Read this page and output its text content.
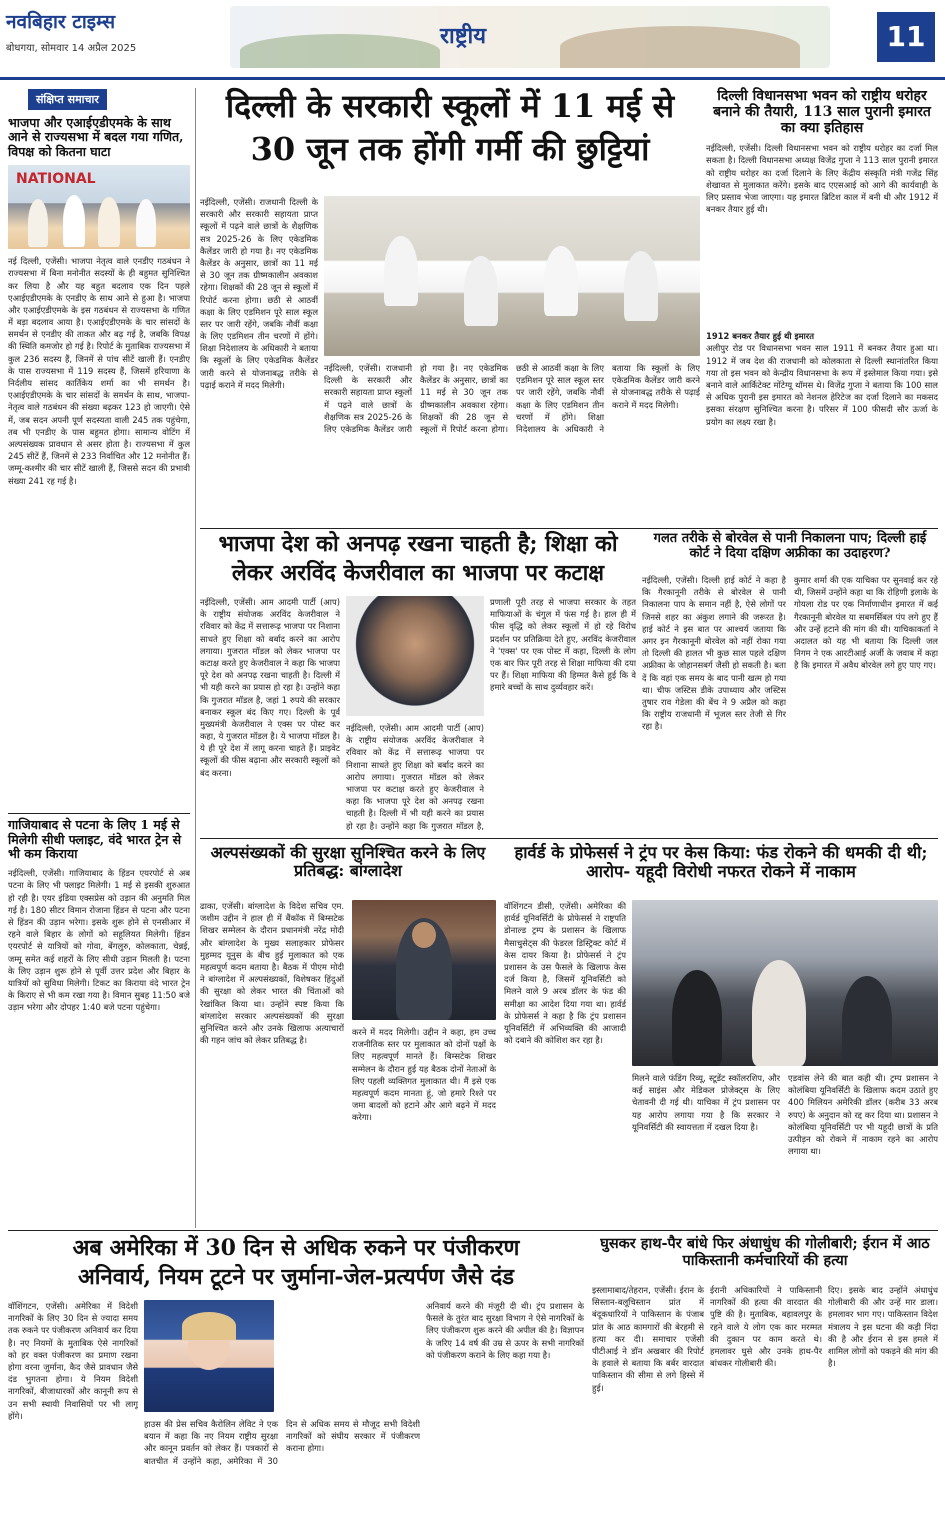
नवबिहार टाइम्स
बोधगया, सोमवार 14 अप्रैल 2025	राष्ट्रीय	11
संक्षिप्त समाचार
भाजपा और एआईएडीएमके के साथ आने से राज्यसभा में बदल गया गणित, विपक्ष को कितना घाटा
NATIONAL
नई दिल्ली, एजेंसी। भाजपा नेतृत्व वाले एनडीए गठबंधन ने राज्यसभा में बिना मनोनीत सदस्यों के ही बहुमत सुनिश्चित कर लिया है और यह बहुत बदलाव एक दिन पहले एआईएडीएमके के एनडीए के साथ आने से हुआ है। भाजपा और एआईएडीएमके के इस गठबंधन से राज्यसभा के गणित में बड़ा बदलाव आया है। एआईएडीएमके के चार सांसदों के समर्थन से एनडीए की ताकत और बढ़ गई है, जबकि विपक्ष की स्थिति कमजोर हो गई है। रिपोर्ट के मुताबिक राज्यसभा में कुल 236 सदस्य हैं, जिनमें से पांच सीटें खाली हैं। एनडीए के पास राज्यसभा में 119 सदस्य हैं, जिसमें हरियाणा के निर्दलीय सांसद कार्तिकेय शर्मा का भी समर्थन है। एआईएडीएमके के चार सांसदों के समर्थन के साथ, भाजपा-नेतृत्व वाले गठबंधन की संख्या बढ़कर 123 हो जाएगी। ऐसे में, जब सदन अपनी पूर्ण सदस्यता वाली 245 तक पहुंचेगा, तब भी एनडीए के पास बहुमत होगा। सामान्य वोटिंग में अल्पसंख्यक प्रावधान से असर होता है। राज्यसभा में कुल 245 सीटें हैं, जिनमें से 233 निर्वाचित और 12 मनोनीत हैं। जम्मू-कश्मीर की चार सीटें खाली हैं, जिससे सदन की प्रभावी संख्या 241 रह गई है।
गाजियाबाद से पटना के लिए 1 मई से मिलेगी सीधी फ्लाइट, वंदे भारत ट्रेन से भी कम किराया
नईदिल्ली, एजेंसी। गाजियाबाद के हिंडन एयरपोर्ट से अब पटना के लिए भी फ्लाइट मिलेगी। 1 मई से इसकी शुरुआत हो रही है। एयर इंडिया एक्सप्रेस को उड़ान की अनुमति मिल गई है। 180 सीटर विमान रोजाना हिंडन से पटना और पटना से हिंडन की उड़ान भरेगा। इसके शुरू होने से एनसीआर में रहने वाले बिहार के लोगों को सहूलियत मिलेगी। हिंडन एयरपोर्ट से यात्रियों को गोवा, बेंगलुरु, कोलकाता, चेन्नई, जम्मू समेत कई शहरों के लिए सीधी उड़ान मिलती है। पटना के लिए उड़ान शुरू होने से पूर्वी उत्तर प्रदेश और बिहार के यात्रियों को सुविधा मिलेगी। टिकट का किराया वंदे भारत ट्रेन के किराए से भी कम रखा गया है। विमान सुबह 11:50 बजे उड़ान भरेगा और दोपहर 1:40 बजे पटना पहुंचेगा।
दिल्ली के सरकारी स्कूलों में 11 मई से
30 जून तक होंगी गर्मी की छुट्टियां
नईदिल्ली, एजेंसी। राजधानी दिल्ली के सरकारी और सरकारी सहायता प्राप्त स्कूलों में पढ़ने वाले छात्रों के शैक्षणिक सत्र 2025-26 के लिए एकेडमिक कैलेंडर जारी हो गया है। नए एकेडमिक कैलेंडर के अनुसार, छात्रों का 11 मई से 30 जून तक ग्रीष्मकालीन अवकाश रहेगा। शिक्षकों की 28 जून से स्कूलों में रिपोर्ट करना होगा। छठी से आठवीं कक्षा के लिए एडमिशन पूरे साल स्कूल स्तर पर जारी रहेंगे, जबकि नौवीं कक्षा के लिए एडमिशन तीन चरणों में होंगे। शिक्षा निदेशालय के अधिकारी ने बताया कि स्कूलों के लिए एकेडमिक कैलेंडर जारी करने से योजनाबद्ध तरीके से पढ़ाई कराने में मदद मिलेगी।
नईदिल्ली, एजेंसी। राजधानी दिल्ली के सरकारी और सरकारी सहायता प्राप्त स्कूलों में पढ़ने वाले छात्रों के शैक्षणिक सत्र 2025-26 के लिए एकेडमिक कैलेंडर जारी हो गया है। नए एकेडमिक कैलेंडर के अनुसार, छात्रों का 11 मई से 30 जून तक ग्रीष्मकालीन अवकाश रहेगा। शिक्षकों की 28 जून से स्कूलों में रिपोर्ट करना होगा। छठी से आठवीं कक्षा के लिए एडमिशन पूरे साल स्कूल स्तर पर जारी रहेंगे, जबकि नौवीं कक्षा के लिए एडमिशन तीन चरणों में होंगे। शिक्षा निदेशालय के अधिकारी ने बताया कि स्कूलों के लिए एकेडमिक कैलेंडर जारी करने से योजनाबद्ध तरीके से पढ़ाई कराने में मदद मिलेगी।
दिल्ली विधानसभा भवन को राष्ट्रीय धरोहर बनाने की तैयारी, 113 साल पुरानी इमारत का क्या इतिहास
नईदिल्ली, एजेंसी। दिल्ली विधानसभा भवन को राष्ट्रीय धरोहर का दर्जा मिल सकता है। दिल्ली विधानसभा अध्यक्ष विजेंद्र गुप्ता ने 113 साल पुरानी इमारत को राष्ट्रीय धरोहर का दर्जा दिलाने के लिए केंद्रीय संस्कृति मंत्री गजेंद्र सिंह शेखावत से मुलाकात करेंगे। इसके बाद एएसआई को आगे की कार्यवाही के लिए प्रस्ताव भेजा जाएगा। यह इमारत ब्रिटिश काल में बनी थी और 1912 में बनकर तैयार हुई थी।
1912 बनकर तैयार हुई थी इमारत
अलीपुर रोड पर विधानसभा भवन साल 1911 में बनकर तैयार हुआ था। 1912 में जब देश की राजधानी को कोलकाता से दिल्ली स्थानांतरित किया गया तो इस भवन को केन्द्रीय विधानसभा के रूप में इस्तेमाल किया गया। इसे बनाने वाले आर्किटेक्ट मोंटेग्यू थॉमस थे। विजेंद्र गुप्ता ने बताया कि 100 साल से अधिक पुरानी इस इमारत को नेशनल हेरिटेज का दर्जा दिलाने का मकसद इसका संरक्षण सुनिश्चित करना है। परिसर में 100 फीसदी सौर ऊर्जा के प्रयोग का लक्ष्य रखा है।
भाजपा देश को अनपढ़ रखना चाहती है; शिक्षा को
लेकर अरविंद केजरीवाल का भाजपा पर कटाक्ष
नईदिल्ली, एजेंसी। आम आदमी पार्टी (आप) के राष्ट्रीय संयोजक अरविंद केजरीवाल ने रविवार को केंद्र में सत्तारूढ़ भाजपा पर निशाना साधते हुए शिक्षा को बर्बाद करने का आरोप लगाया। गुजरात मॉडल को लेकर भाजपा पर कटाक्ष करते हुए केजरीवाल ने कहा कि भाजपा पूरे देश को अनपढ़ रखना चाहती है। दिल्ली में भी यही करने का प्रयास हो रहा है। उन्होंने कहा कि गुजरात मॉडल है, जहां 1 रुपये की सरकार बनाकर स्कूल बंद किए गए। दिल्ली के पूर्व मुख्यमंत्री केजरीवाल ने एक्स पर पोस्ट कर कहा, ये गुजरात मॉडल है। ये भाजपा मॉडल है। ये ही पूरे देश में लागू करना चाहते हैं। प्राइवेट स्कूलों की फीस बढ़ाना और सरकारी स्कूलों को बंद करना।
नईदिल्ली, एजेंसी। आम आदमी पार्टी (आप) के राष्ट्रीय संयोजक अरविंद केजरीवाल ने रविवार को केंद्र में सत्तारूढ़ भाजपा पर निशाना साधते हुए शिक्षा को बर्बाद करने का आरोप लगाया। गुजरात मॉडल को लेकर भाजपा पर कटाक्ष करते हुए केजरीवाल ने कहा कि भाजपा पूरे देश को अनपढ़ रखना चाहती है। दिल्ली में भी यही करने का प्रयास हो रहा है। उन्होंने कहा कि गुजरात मॉडल है,
प्रणाली पूरी तरह से भाजपा सरकार के तहत माफियाओं के चंगुल में फंस गई है। हाल ही में फीस वृद्धि को लेकर स्कूलों में हो रहे विरोध प्रदर्शन पर प्रतिक्रिया देते हुए, अरविंद केजरीवाल ने 'एक्स' पर एक पोस्ट में कहा, दिल्ली के लोग एक बार फिर पूरी तरह से शिक्षा माफिया की दया पर हैं। शिक्षा माफिया की हिम्मत कैसे हुई कि वे हमारे बच्चों के साथ दुर्व्यवहार करें।
गलत तरीके से बोरवेल से पानी निकालना पाप; दिल्ली हाई कोर्ट ने दिया दक्षिण अफ्रीका का उदाहरण?
नईदिल्ली, एजेंसी। दिल्ली हाई कोर्ट ने कहा है कि गैरकानूनी तरीके से बोरवेल से पानी निकालना पाप के समान नहीं है, ऐसे लोगों पर जिनसे शहर का अंकुश लगाने की जरूरत है। हाई कोर्ट ने इस बात पर आश्चर्य जताया कि अगर इन गैरकानूनी बोरवेल को नहीं रोका गया तो दिल्ली की हालत भी कुछ साल पहले दक्षिण अफ्रीका के जोहानसबर्ग जैसी हो सकती है। बता दें कि वहां एक समय के बाद पानी खत्म हो गया था। चीफ जस्टिस डीके उपाध्याय और जस्टिस तुषार राव गेडेला की बेंच ने 9 अप्रैल को कहा कि राष्ट्रीय राजधानी में भूजल स्तर तेजी से गिर रहा है।
कुमार शर्मा की एक याचिका पर सुनवाई कर रहे थी, जिसमें उन्होंने कहा था कि रोहिणी इलाके के गोयला रोड पर एक निर्माणाधीन इमारत में कई गैरकानूनी बोरवेल या सबमर्सिबल पंप लगे हुए हैं और उन्हें हटाने की मांग की थी। याचिकाकर्ता ने अदालत को यह भी बताया कि दिल्ली जल निगम ने एक आरटीआई अर्जी के जवाब में कहा है कि इमारत में अवैध बोरवेल लगे हुए पाए गए।
अल्पसंख्यकों की सुरक्षा सुनिश्चित करने के लिए प्रतिबद्ध: बांग्लादेश
ढाका, एजेंसी। बांग्लादेश के विदेश सचिव एम. जशीम उद्दीन ने हाल ही में बैंकॉक में बिम्सटेक शिखर सम्मेलन के दौरान प्रधानमंत्री नरेंद्र मोदी और बांग्लादेश के मुख्य सलाहकार प्रोफेसर मुहम्मद यूनुस के बीच हुई मुलाकात को एक महत्वपूर्ण कदम बताया है। बैठक में पीएम मोदी ने बांग्लादेश में अल्पसंख्यकों, विशेषकर हिंदुओं की सुरक्षा को लेकर भारत की चिंताओं को रेखांकित किया था। उन्होंने स्पष्ट किया कि बांग्लादेश सरकार अल्पसंख्यकों की सुरक्षा सुनिश्चित करने और उनके खिलाफ अत्याचारों की गहन जांच को लेकर प्रतिबद्ध है।
करने में मदद मिलेगी। उद्दीन ने कहा, हम उच्च राजनीतिक स्तर पर मुलाकात को दोनों पक्षों के लिए महत्वपूर्ण मानते हैं। बिम्सटेक शिखर सम्मेलन के दौरान हुई यह बैठक दोनों नेताओं के लिए पहली व्यक्तिगत मुलाकात थी। मैं इसे एक महत्वपूर्ण कदम मानता हूं, जो हमारे रिश्ते पर जमा बादलों को हटाने और आगे बढ़ने में मदद करेगा।
हार्वर्ड के प्रोफेसर्स ने ट्रंप पर केस किया: फंड रोकने की धमकी दी थी; आरोप- यहूदी विरोधी नफरत रोकने में नाकाम
वॉशिंगटन डीसी, एजेंसी। अमेरिका की हार्वर्ड यूनिवर्सिटी के प्रोफेसर्स ने राष्ट्रपति डोनाल्ड ट्रम्प के प्रशासन के खिलाफ मैसाचुसेट्स की फेडरल डिस्ट्रिक्ट कोर्ट में केस दायर किया है। प्रोफेसर्स ने ट्रंप प्रशासन के उस फैसले के खिलाफ केस दर्ज किया है, जिसमें यूनिवर्सिटी को मिलने वाले 9 अरब डॉलर के फंड की समीक्षा का आदेश दिया गया था। हार्वर्ड के प्रोफेसर्स ने कहा है कि ट्रंप प्रशासन यूनिवर्सिटी में अभिव्यक्ति की आजादी को दबाने की कोशिश कर रहा है।
मिलने वाले फंडिंग रिव्यू, स्टूडेंट स्कॉलरशिप, और कई साइंस और मेडिकल प्रोजेक्ट्स के लिए चेतावनी दी गई थी। याचिका में ट्रंप प्रशासन पर यह आरोप लगाया गया है कि सरकार ने यूनिवर्सिटी की स्वायत्तता में दखल दिया है।
एडवांस लेने की बात कही थी। ट्रम्प प्रशासन ने कोलंबिया यूनिवर्सिटी के खिलाफ कदम उठाते हुए 400 मिलियन अमेरिकी डॉलर (करीब 33 अरब रुपए) के अनुदान को रद्द कर दिया था। प्रशासन ने कोलंबिया यूनिवर्सिटी पर भी यहूदी छात्रों के प्रति उत्पीड़न को रोकने में नाकाम रहने का आरोप लगाया था।
अब अमेरिका में 30 दिन से अधिक रुकने पर पंजीकरण
अनिवार्य, नियम टूटने पर जुर्माना-जेल-प्रत्यर्पण जैसे दंड
वॉशिंगटन, एजेंसी। अमेरिका में विदेशी नागरिकों के लिए 30 दिन से ज्यादा समय तक रुकने पर पंजीकरण अनिवार्य कर दिया है। नए नियमों के मुताबिक ऐसे नागरिकों को हर वक्त पंजीकरण का प्रमाण रखना होगा वरना जुर्माना, कैद जैसे प्रावधान जैसे दंड भुगतना होगा। ये नियम विदेशी नागरिकों, बीजाधारकों और कानूनी रूप से उन सभी स्थायी निवासियों पर भी लागू होंगे।
हाउस की प्रेस सचिव कैरोलिन लेविट ने एक बयान में कहा कि नए नियम राष्ट्रीय सुरक्षा और कानून प्रवर्तन को लेकर हैं। पत्रकारों से बातचीत में उन्होंने कहा, अमेरिका में 30 दिन से अधिक समय से मौजूद सभी विदेशी नागरिकों को संघीय सरकार में पंजीकरण कराना होगा।
अनिवार्य करने की मंजूरी दी थी। ट्रंप प्रशासन के फैसले के तुरंत बाद सुरक्षा विभाग ने ऐसे नागरिकों के लिए पंजीकरण शुरू करने की अपील की है। विज्ञापन के जरिए 14 वर्ष की उम्र से ऊपर के सभी नागरिकों को पंजीकरण कराने के लिए कहा गया है।
घुसकर हाथ-पैर बांधे फिर अंधाधुंध की गोलीबारी; ईरान में आठ पाकिस्तानी कर्मचारियों की हत्या
इस्लामाबाद/तेहरान, एजेंसी। ईरान के सिस्तान-बलूचिस्तान प्रांत में बंदूकधारियों ने पाकिस्तान के पंजाब प्रांत के आठ कामगारों की बेरहमी से हत्या कर दी। समाचार एजेंसी पीटीआई ने डॉन अखबार की रिपोर्ट के हवाले से बताया कि बर्बर वारदात पाकिस्तान की सीमा से लगे हिस्से में हुई।
ईरानी अधिकारियों ने पाकिस्तानी नागरिकों की हत्या की वारदात की पुष्टि की है। मुताबिक, बहावलपुर के रहने वाले ये लोग एक कार मरम्मत की दुकान पर काम करते थे। हमलावर घुसे और उनके हाथ-पैर बांधकर गोलीबारी की।
दिए। इसके बाद उन्होंने अंधाधुंध गोलीबारी की और उन्हें मार डाला। हमलावर भाग गए। पाकिस्तान विदेश मंत्रालय ने इस घटना की कड़ी निंदा की है और ईरान से इस हमले में शामिल लोगों को पकड़ने की मांग की है।
